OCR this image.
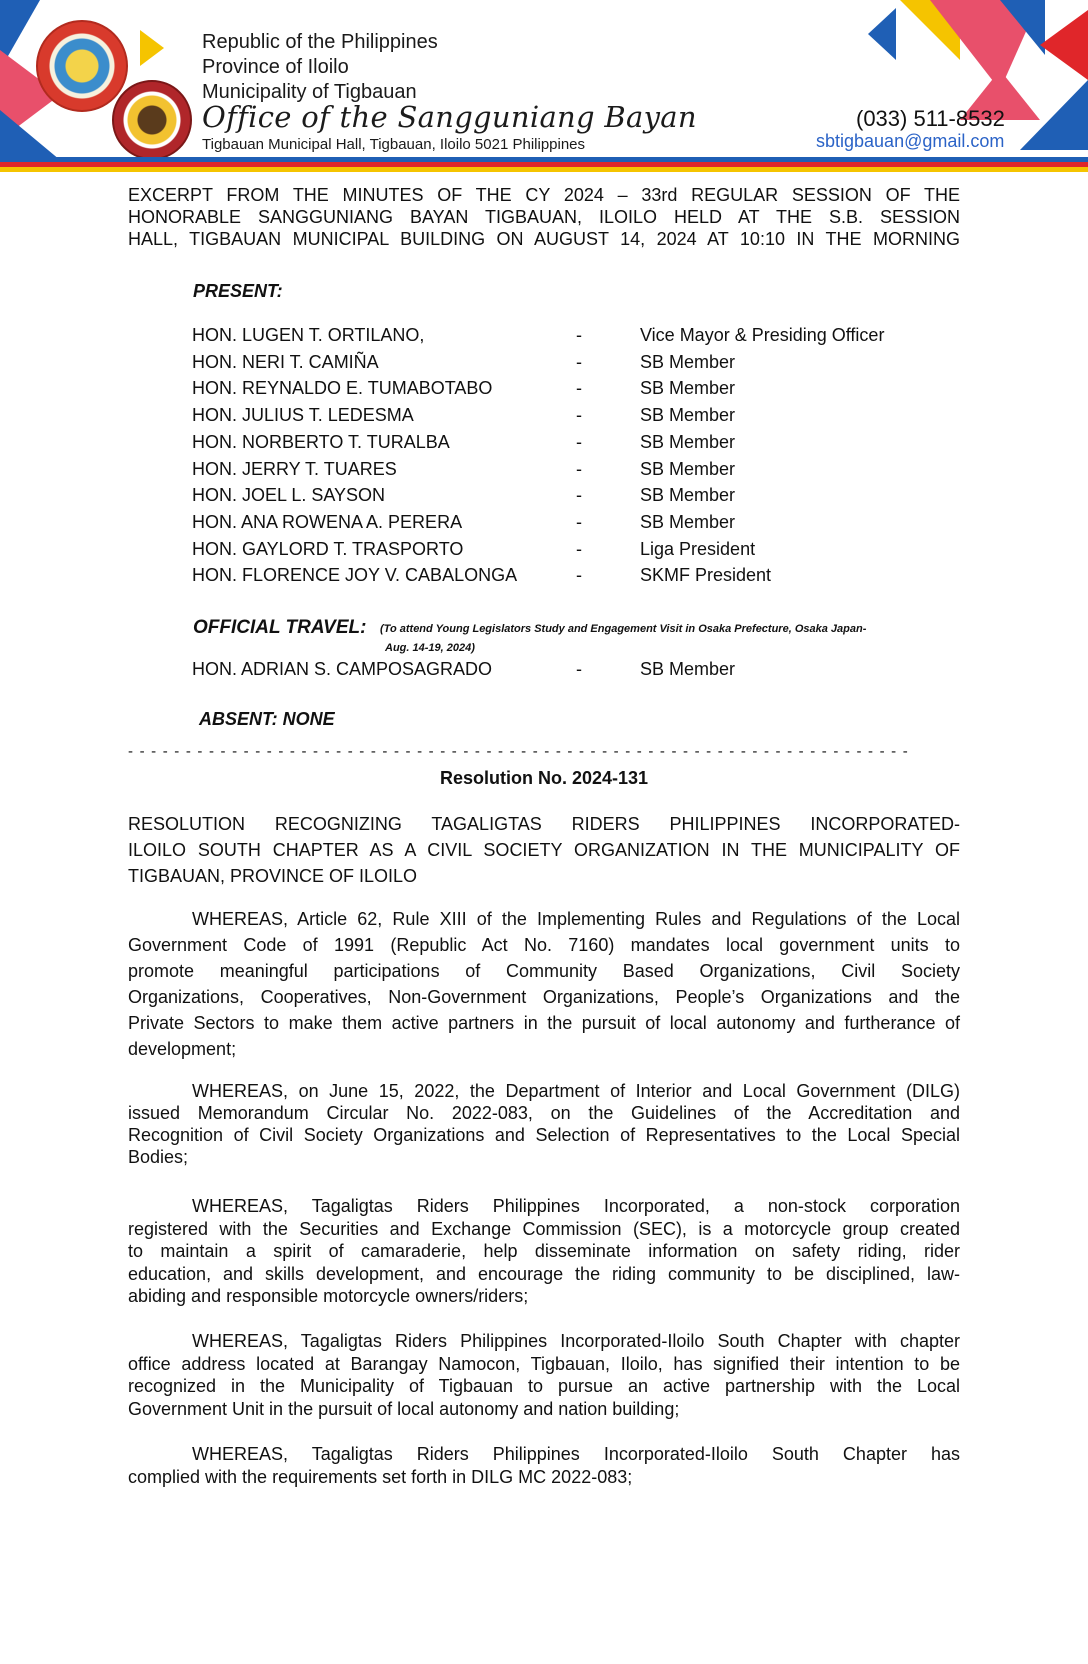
Republic of the Philippines
Province of Iloilo
Municipality of Tigbauan
Office of the Sangguniang Bayan
Tigbauan Municipal Hall, Tigbauan, Iloilo 5021 Philippines
(033) 511-8532
sbtigbauan@gmail.com
EXCERPT FROM THE MINUTES OF THE CY 2024 – 33rd REGULAR SESSION OF THE
HONORABLE SANGGUNIANG BAYAN TIGBAUAN, ILOILO HELD AT THE S.B. SESSION
HALL, TIGBAUAN MUNICIPAL BUILDING ON AUGUST 14, 2024 AT 10:10 IN THE MORNING
PRESENT:
HON. LUGEN T. ORTILANO,	-	Vice Mayor & Presiding Officer
HON. NERI T. CAMIÑA	-	SB Member
HON. REYNALDO E. TUMABOTABO	-	SB Member
HON. JULIUS T. LEDESMA	-	SB Member
HON. NORBERTO T. TURALBA	-	SB Member
HON. JERRY T. TUARES	-	SB Member
HON. JOEL L. SAYSON	-	SB Member
HON. ANA ROWENA A. PERERA	-	SB Member
HON. GAYLORD T. TRASPORTO	-	Liga President
HON. FLORENCE JOY V. CABALONGA	-	SKMF President
OFFICIAL TRAVEL: (To attend Young Legislators Study and Engagement Visit in Osaka Prefecture, Osaka Japan-
Aug. 14-19, 2024)
HON. ADRIAN S. CAMPOSAGRADO	-	SB Member
ABSENT: NONE
- - - - - - - - - - - - - - - - - - - - - - - - - - - - - - - - - - - - - - - - - - - - - - - - - - - - - - - - - - - - - - - - - - - -
Resolution No. 2024-131
RESOLUTION RECOGNIZING TAGALIGTAS RIDERS PHILIPPINES INCORPORATED-
ILOILO SOUTH CHAPTER AS A CIVIL SOCIETY ORGANIZATION IN THE MUNICIPALITY OF
TIGBAUAN, PROVINCE OF ILOILO
WHEREAS, Article 62, Rule XIII of the Implementing Rules and Regulations of the Local
Government Code of 1991 (Republic Act No. 7160) mandates local government units to
promote meaningful participations of Community Based Organizations, Civil Society
Organizations, Cooperatives, Non-Government Organizations, People’s Organizations and the
Private Sectors to make them active partners in the pursuit of local autonomy and furtherance of
development;
WHEREAS, on June 15, 2022, the Department of Interior and Local Government (DILG)
issued Memorandum Circular No. 2022-083, on the Guidelines of the Accreditation and
Recognition of Civil Society Organizations and Selection of Representatives to the Local Special
Bodies;
WHEREAS, Tagaligtas Riders Philippines Incorporated, a non-stock corporation
registered with the Securities and Exchange Commission (SEC), is a motorcycle group created
to maintain a spirit of camaraderie, help disseminate information on safety riding, rider
education, and skills development, and encourage the riding community to be disciplined, law-
abiding and responsible motorcycle owners/riders;
WHEREAS, Tagaligtas Riders Philippines Incorporated-Iloilo South Chapter with chapter
office address located at Barangay Namocon, Tigbauan, Iloilo, has signified their intention to be
recognized in the Municipality of Tigbauan to pursue an active partnership with the Local
Government Unit in the pursuit of local autonomy and nation building;
WHEREAS, Tagaligtas Riders Philippines Incorporated-Iloilo South Chapter has
complied with the requirements set forth in DILG MC 2022-083;
